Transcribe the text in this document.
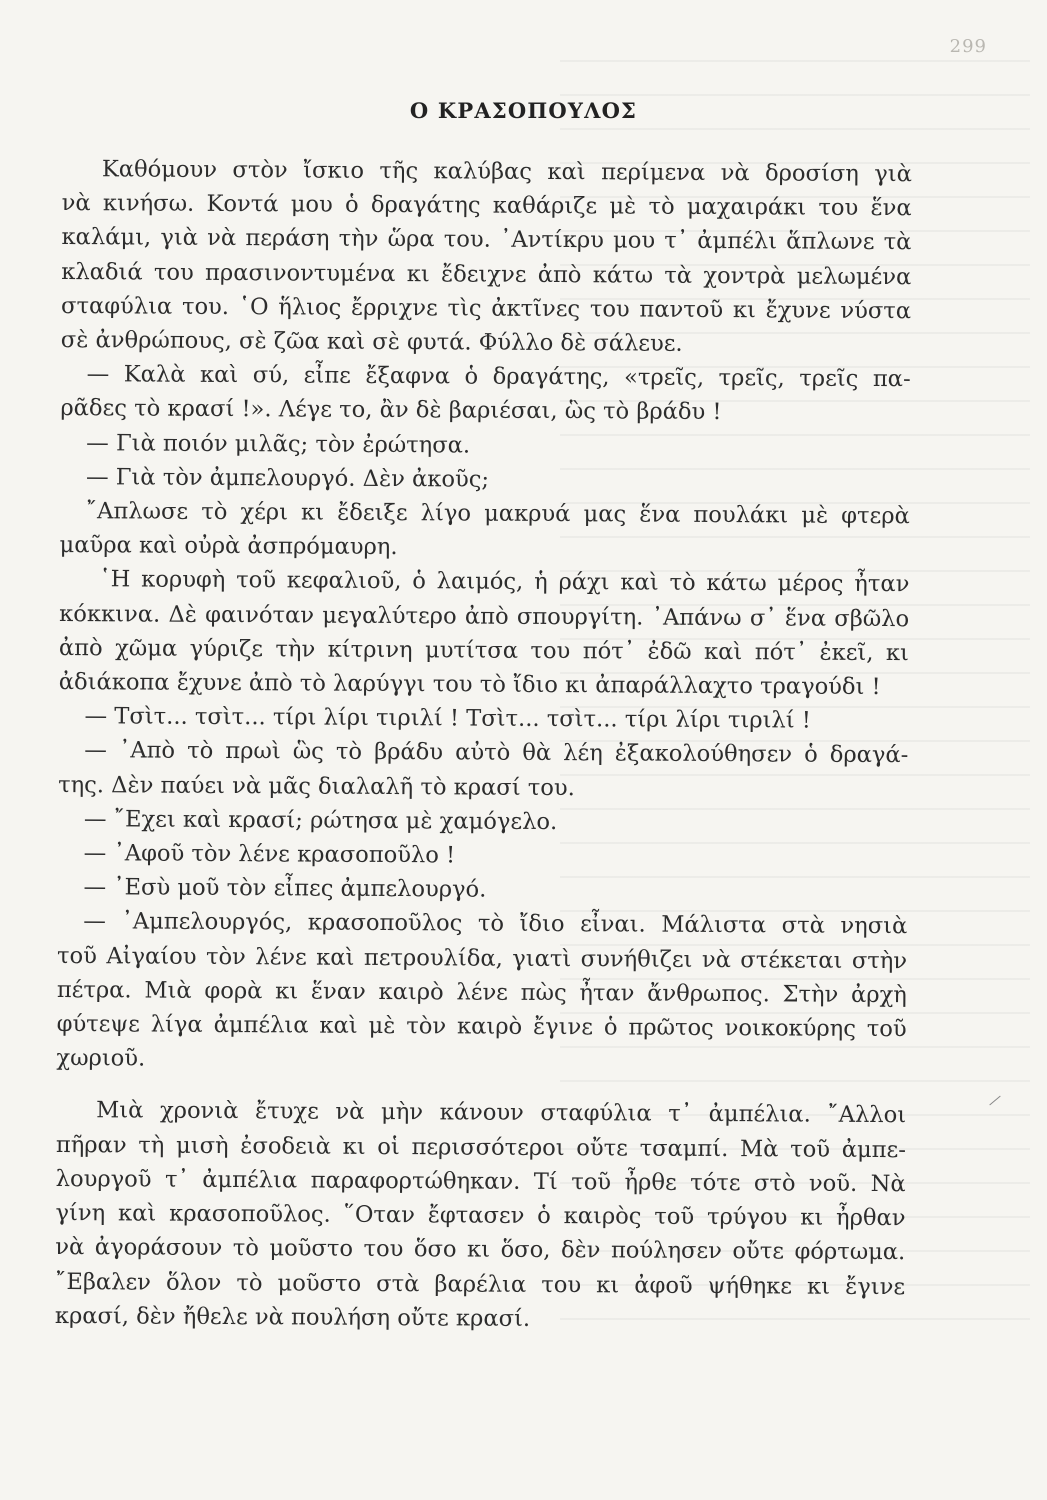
299
Ο ΚΡΑΣΟΠΟΥΛΟΣ
Καθόμουν στὸν ἴσκιο τῆς καλύβας καὶ περίμενα νὰ δροσίση γιὰ
νὰ κινήσω. Κοντά μου ὁ δραγάτης καθάριζε μὲ τὸ μαχαιράκι του ἕνα
καλάμι, γιὰ νὰ περάση τὴν ὥρα του. ᾿Αντίκρυ μου τ᾿ ἀμπέλι ἅπλωνε τὰ
κλαδιά του πρασινοντυμένα κι ἔδειχνε ἀπὸ κάτω τὰ χοντρὰ μελωμένα
σταφύλια του. ῾Ο ἥλιος ἔρριχνε τὶς ἀκτῖνες του παντοῦ κι ἔχυνε νύστα
σὲ ἀνθρώπους, σὲ ζῶα καὶ σὲ φυτά. Φύλλο δὲ σάλευε.
— Καλὰ καὶ σύ, εἶπε ἔξαφνα ὁ δραγάτης, «τρεῖς, τρεῖς, τρεῖς πα-
ρᾶδες τὸ κρασί !». Λέγε το, ἂν δὲ βαριέσαι, ὣς τὸ βράδυ !
— Γιὰ ποιόν μιλᾶς; τὸν ἐρώτησα.
— Γιὰ τὸν ἀμπελουργό. Δὲν ἀκοῦς;
῎Απλωσε τὸ χέρι κι ἔδειξε λίγο μακρυά μας ἕνα πουλάκι μὲ φτερὰ
μαῦρα καὶ οὐρὰ ἀσπρόμαυρη.
῾Η κορυφὴ τοῦ κεφαλιοῦ, ὁ λαιμός, ἡ ράχι καὶ τὸ κάτω μέρος ἦταν
κόκκινα. Δὲ φαινόταν μεγαλύτερο ἀπὸ σπουργίτη. ᾿Απάνω σ᾿ ἕνα σβῶλο
ἀπὸ χῶμα γύριζε τὴν κίτρινη μυτίτσα του πότ᾿ ἐδῶ καὶ πότ᾿ ἐκεῖ, κι
ἀδιάκοπα ἔχυνε ἀπὸ τὸ λαρύγγι του τὸ ἴδιο κι ἀπαράλλαχτο τραγούδι !
— Τσὶτ... τσὶτ... τίρι λίρι τιριλί ! Τσὶτ... τσὶτ... τίρι λίρι τιριλί !
— ᾿Απὸ τὸ πρωὶ ὣς τὸ βράδυ αὐτὸ θὰ λέη ἐξακολούθησεν ὁ δραγά-
της. Δὲν παύει νὰ μᾶς διαλαλῆ τὸ κρασί του.
— ῎Εχει καὶ κρασί; ρώτησα μὲ χαμόγελο.
— ᾿Αφοῦ τὸν λένε κρασοποῦλο !
— ᾿Εσὺ μοῦ τὸν εἶπες ἀμπελουργό.
— ᾿Αμπελουργός, κρασοποῦλος τὸ ἴδιο εἶναι. Μάλιστα στὰ νησιὰ
τοῦ Αἰγαίου τὸν λένε καὶ πετρουλίδα, γιατὶ συνήθιζει νὰ στέκεται στὴν
πέτρα. Μιὰ φορὰ κι ἕναν καιρὸ λένε πὼς ἦταν ἄνθρωπος. Στὴν ἀρχὴ
φύτεψε λίγα ἀμπέλια καὶ μὲ τὸν καιρὸ ἔγινε ὁ πρῶτος νοικοκύρης τοῦ
χωριοῦ.
Μιὰ χρονιὰ ἔτυχε νὰ μὴν κάνουν σταφύλια τ᾿ ἀμπέλια. ῎Αλλοι
πῆραν τὴ μισὴ ἐσοδειὰ κι οἱ περισσότεροι οὔτε τσαμπί. Μὰ τοῦ ἀμπε-
λουργοῦ τ᾿ ἀμπέλια παραφορτώθηκαν. Τί τοῦ ἦρθε τότε στὸ νοῦ. Νὰ
γίνη καὶ κρασοποῦλος. ῞Οταν ἔφτασεν ὁ καιρὸς τοῦ τρύγου κι ἦρθαν
νὰ ἀγοράσουν τὸ μοῦστο του ὅσο κι ὅσο, δὲν πούλησεν οὔτε φόρτωμα.
῎Εβαλεν ὅλον τὸ μοῦστο στὰ βαρέλια του κι ἀφοῦ ψήθηκε κι ἔγινε
κρασί, δὲν ἤθελε νὰ πουλήση οὔτε κρασί.
